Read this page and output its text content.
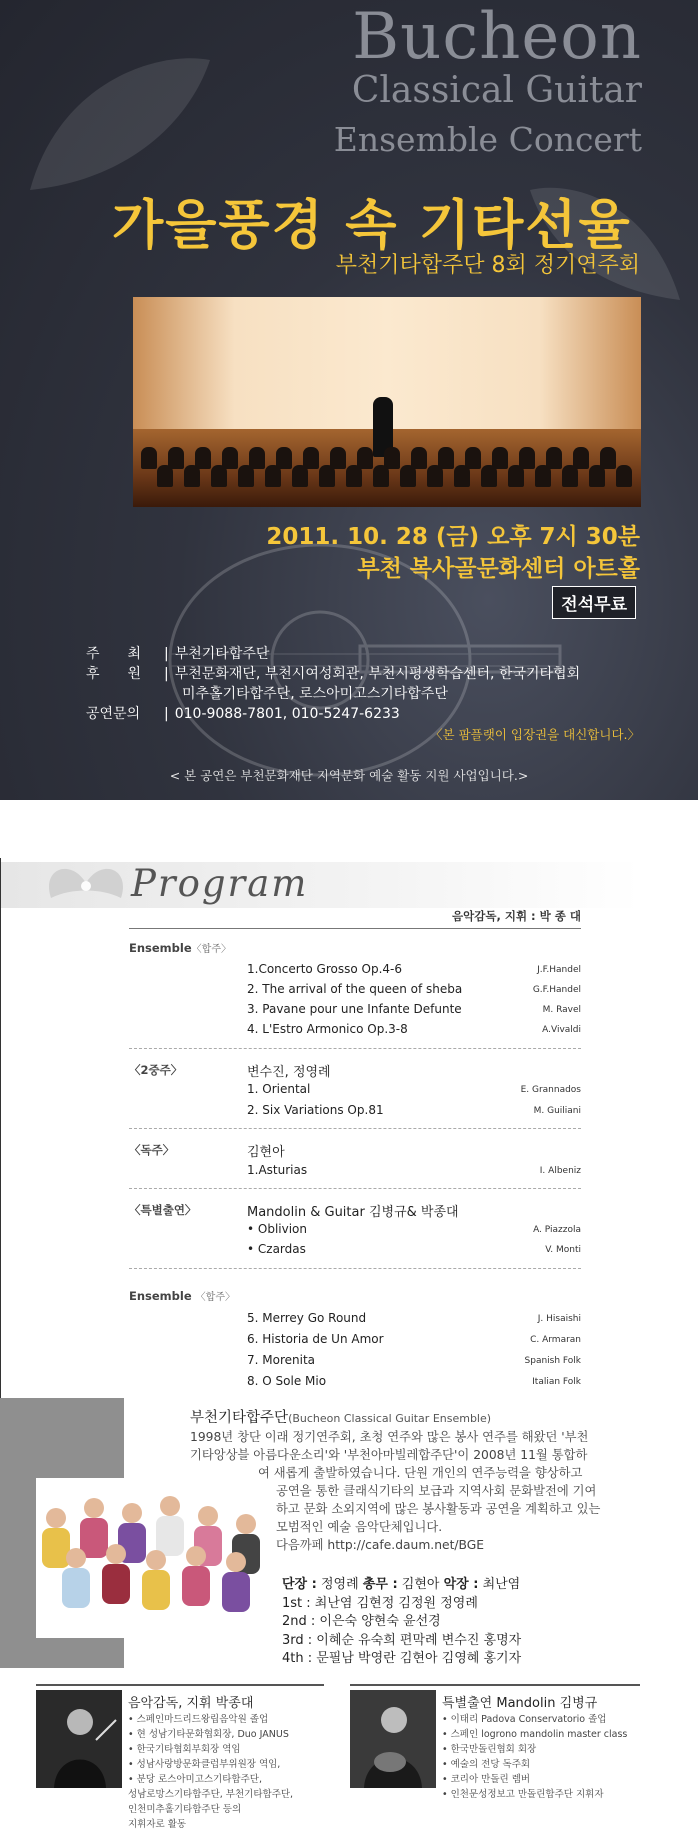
Bucheon
Classical Guitar
Ensemble Concert
가을풍경 속 기타선율
부천기타합주단 8회 정기연주회
2011. 10. 28 (금) 오후 7시 30분
부천 복사골문화센터 아트홀
전석무료
주　　최	| 부천기타합주단
후　　원	| 부천문화재단, 부천시여성회관, 부천시평생학습센터, 한국기타협회
미추홀기타합주단, 로스아미고스기타합주단
공연문의	| 010-9088-7801, 010-5247-6233
〈본 팜플랫이 입장권을 대신합니다.〉
< 본 공연은 부천문화재단 지역문화 예술 활동 지원 사업입니다.>
Program
음악감독, 지휘 : 박 종 대
Ensemble〈합주〉
1.Concerto Grosso Op.4-6	J.F.Handel
2. The arrival of the queen of sheba	G.F.Handel
3. Pavane pour une Infante Defunte	M. Ravel
4. L'Estro Armonico Op.3-8	A.Vivaldi
〈2중주〉	변수진, 정영례
1. Oriental	E. Grannados
2. Six Variations Op.81	M. Guiliani
〈독주〉	김현아
1.Asturias	I. Albeniz
〈특별출연〉	Mandolin & Guitar 김병규& 박종대
• Oblivion	A. Piazzola
• Czardas	V. Monti
Ensemble 〈합주〉
5. Merrey Go Round	J. Hisaishi
6. Historia de Un Amor	C. Armaran
7. Morenita	Spanish Folk
8. O Sole Mio	Italian Folk
부천기타합주단(Bucheon Classical Guitar Ensemble)
1998년 창단 이래 정기연주회, 초청 연주와 많은 봉사 연주를 해왔던 '부천
기타앙상블 아름다운소리'와 '부천아마빌레합주단'이 2008년 11월 통합하
여 새롭게 출발하였습니다. 단원 개인의 연주능력을 향상하고
공연을 통한 클래식기타의 보급과 지역사회 문화발전에 기여
하고 문화 소외지역에 많은 봉사활동과 공연을 계획하고 있는
모범적인 예술 음악단체입니다.
다음까페 http://cafe.daum.net/BGE
단장 : 정영례 총무 : 김현아 악장 : 최난염
1st : 최난염 김현정 김정원 정영례
2nd : 이은숙 양현숙 윤선경
3rd : 이혜순 유숙희 편막례 변수진 홍명자
4th : 문필남 박영란 김현아 김영혜 홍기자
음악감독, 지휘 박종대
• 스페인마드리드왕립음악원 졸업
• 현 성남기타문화협회장, Duo JANUS
• 한국기타협회부회장 역임
• 성남사랑방문화클럽부위원장 역임,
• 분당 로스아미고스기타합주단,
성남로망스기타합주단, 부천기타합주단,
인천미추홀기타합주단 등의
지휘자로 활동
특별출연 Mandolin 김병규
• 이태리 Padova Conservatorio 졸업
• 스페인 logrono mandolin master class
• 한국만돌린협회 회장
• 예술의 전당 독주회
• 코리아 만돌린 렘버
• 인천문성정보고 만돌린합주단 지휘자
